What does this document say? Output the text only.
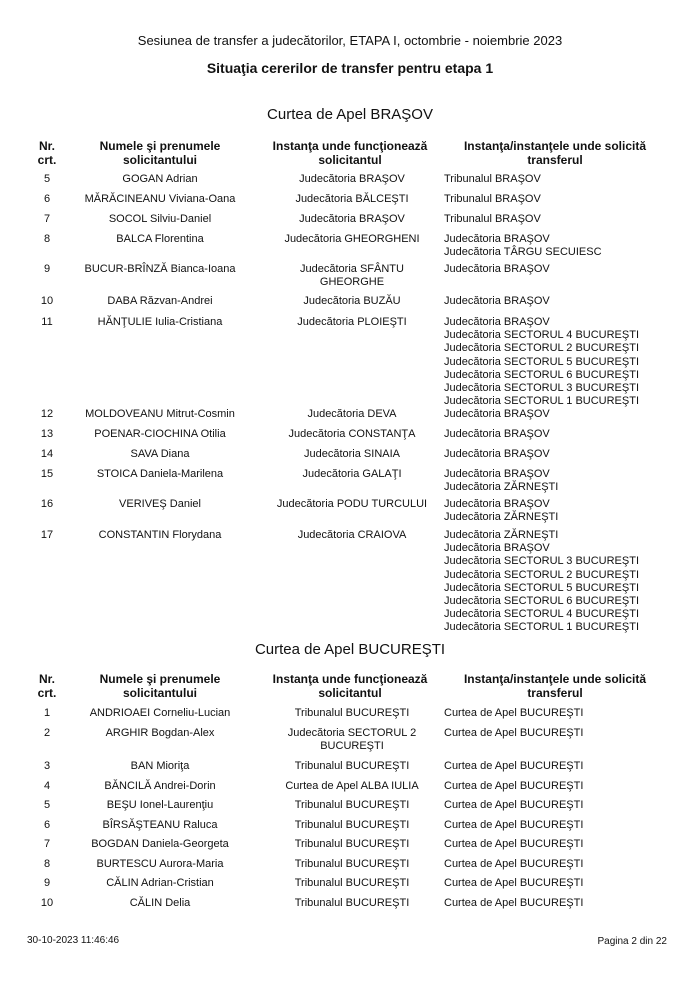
Sesiunea de transfer a judecătorilor, ETAPA I, octombrie - noiembrie 2023
Situaţia cererilor de transfer pentru etapa 1
Curtea de Apel BRAŞOV
Nr.
crt.
Numele şi prenumele
solicitantului
Instanţa unde funcţionează
solicitantul
Instanţa/instanţele unde solicită
transferul
5	GOGAN Adrian	Judecătoria BRAŞOV	Tribunalul BRAŞOV
6	MĂRĂCINEANU Viviana-Oana	Judecătoria BĂLCEŞTI	Tribunalul BRAŞOV
7	SOCOL Silviu-Daniel	Judecătoria BRAŞOV	Tribunalul BRAŞOV
8	BALCA Florentina	Judecătoria GHEORGHENI	Judecătoria BRAŞOV
Judecătoria TÂRGU SECUIESC
9	BUCUR-BRÎNZĂ Bianca-Ioana	Judecătoria SFÂNTU
GHEORGHE
Judecătoria BRAŞOV
10	DABA Răzvan-Andrei	Judecătoria BUZĂU	Judecătoria BRAŞOV
11	HĂNŢULIE Iulia-Cristiana	Judecătoria PLOIEŞTI	Judecătoria BRAŞOV
Judecătoria SECTORUL 4 BUCUREŞTI
Judecătoria SECTORUL 2 BUCUREŞTI
Judecătoria SECTORUL 5 BUCUREŞTI
Judecătoria SECTORUL 6 BUCUREŞTI
Judecătoria SECTORUL 3 BUCUREŞTI
Judecătoria SECTORUL 1 BUCUREŞTI
12	MOLDOVEANU Mitrut-Cosmin	Judecătoria DEVA	Judecătoria BRAŞOV
13	POENAR-CIOCHINA Otilia	Judecătoria CONSTANŢA	Judecătoria BRAŞOV
14	SAVA Diana	Judecătoria SINAIA	Judecătoria BRAŞOV
15	STOICA Daniela-Marilena	Judecătoria GALAŢI	Judecătoria BRAŞOV
Judecătoria ZĂRNEŞTI
16	VERIVEŞ Daniel	Judecătoria PODU TURCULUI	Judecătoria BRAŞOV
Judecătoria ZĂRNEŞTI
17	CONSTANTIN Florydana	Judecătoria CRAIOVA	Judecătoria ZĂRNEŞTI
Judecătoria BRAŞOV
Judecătoria SECTORUL 3 BUCUREŞTI
Judecătoria SECTORUL 2 BUCUREŞTI
Judecătoria SECTORUL 5 BUCUREŞTI
Judecătoria SECTORUL 6 BUCUREŞTI
Judecătoria SECTORUL 4 BUCUREŞTI
Judecătoria SECTORUL 1 BUCUREŞTI
Curtea de Apel BUCUREŞTI
Nr.
crt.
Numele şi prenumele
solicitantului
Instanţa unde funcţionează
solicitantul
Instanţa/instanţele unde solicită
transferul
1	ANDRIOAEI Corneliu-Lucian	Tribunalul BUCUREŞTI	Curtea de Apel BUCUREŞTI
2	ARGHIR Bogdan-Alex	Judecătoria SECTORUL 2
BUCUREŞTI
Curtea de Apel BUCUREŞTI
3	BAN Mioriţa	Tribunalul BUCUREŞTI	Curtea de Apel BUCUREŞTI
4	BĂNCILĂ Andrei-Dorin	Curtea de Apel ALBA IULIA	Curtea de Apel BUCUREŞTI
5	BEŞU Ionel-Laurenţiu	Tribunalul BUCUREŞTI	Curtea de Apel BUCUREŞTI
6	BÎRSĂŞTEANU Raluca	Tribunalul BUCUREŞTI	Curtea de Apel BUCUREŞTI
7	BOGDAN Daniela-Georgeta	Tribunalul BUCUREŞTI	Curtea de Apel BUCUREŞTI
8	BURTESCU Aurora-Maria	Tribunalul BUCUREŞTI	Curtea de Apel BUCUREŞTI
9	CĂLIN Adrian-Cristian	Tribunalul BUCUREŞTI	Curtea de Apel BUCUREŞTI
10	CĂLIN Delia	Tribunalul BUCUREŞTI	Curtea de Apel BUCUREŞTI
30-10-2023 11:46:46	Pagina 2 din 22
